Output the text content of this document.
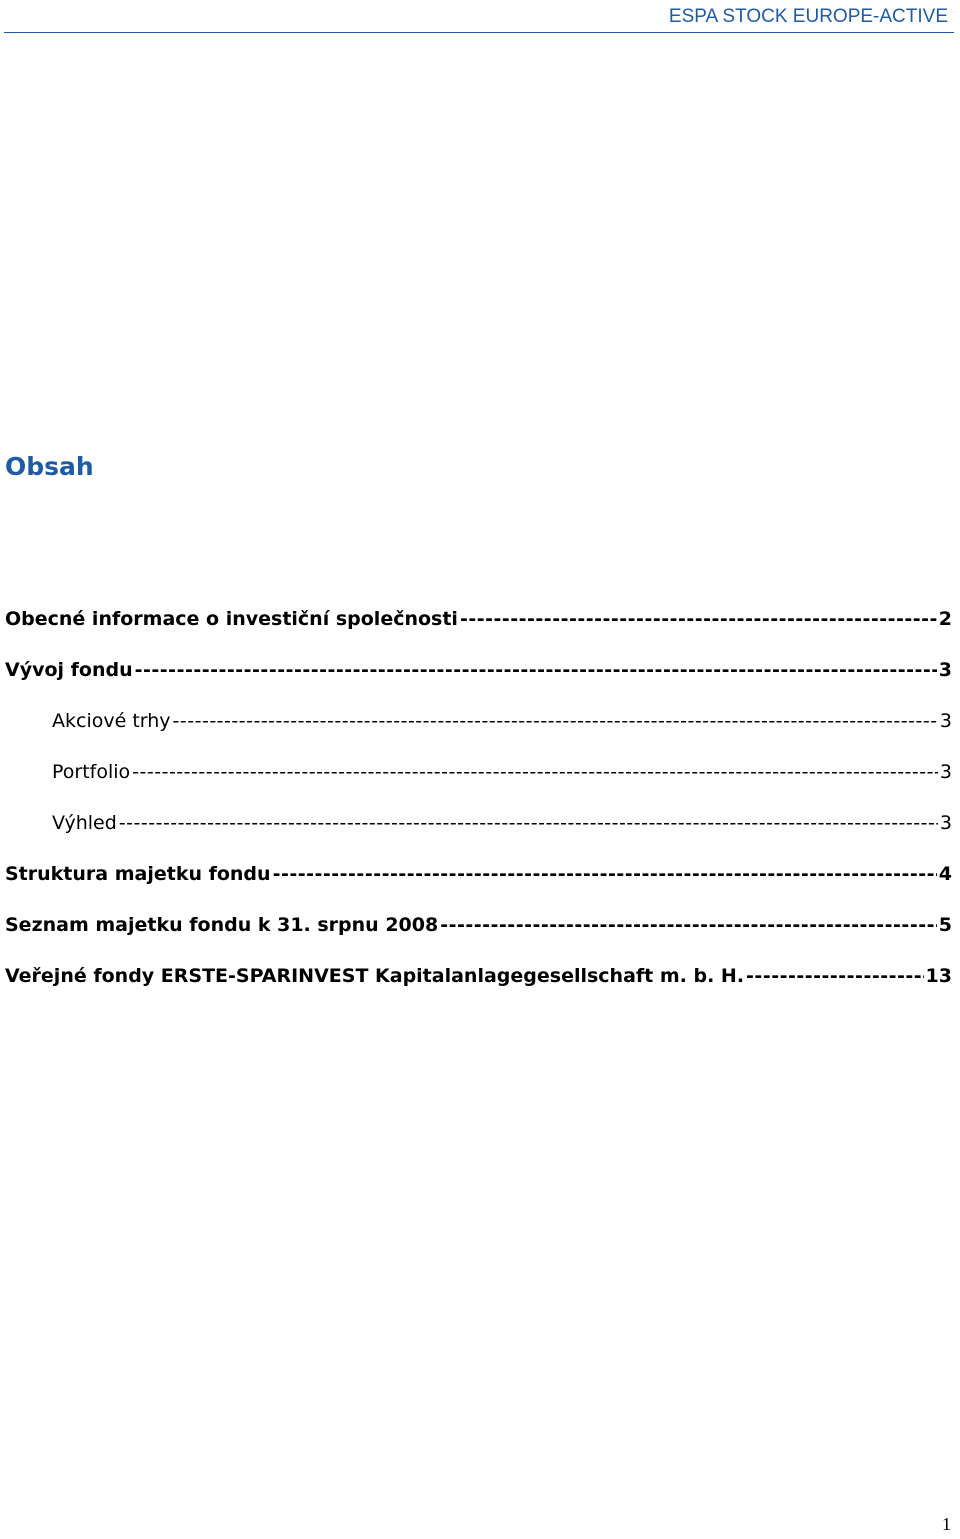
ESPA STOCK EUROPE-ACTIVE
Obsah
Obecné informace o investiční společnosti -----	2
Vývoj fondu -----	3
Akciové trhy -----	3
Portfolio -----	3
Výhled -----	3
Struktura majetku fondu -----	4
Seznam majetku fondu k 31. srpnu 2008 -----	5
Veřejné fondy ERSTE-SPARINVEST Kapitalanlagegesellschaft m. b. H. -----	13
1
